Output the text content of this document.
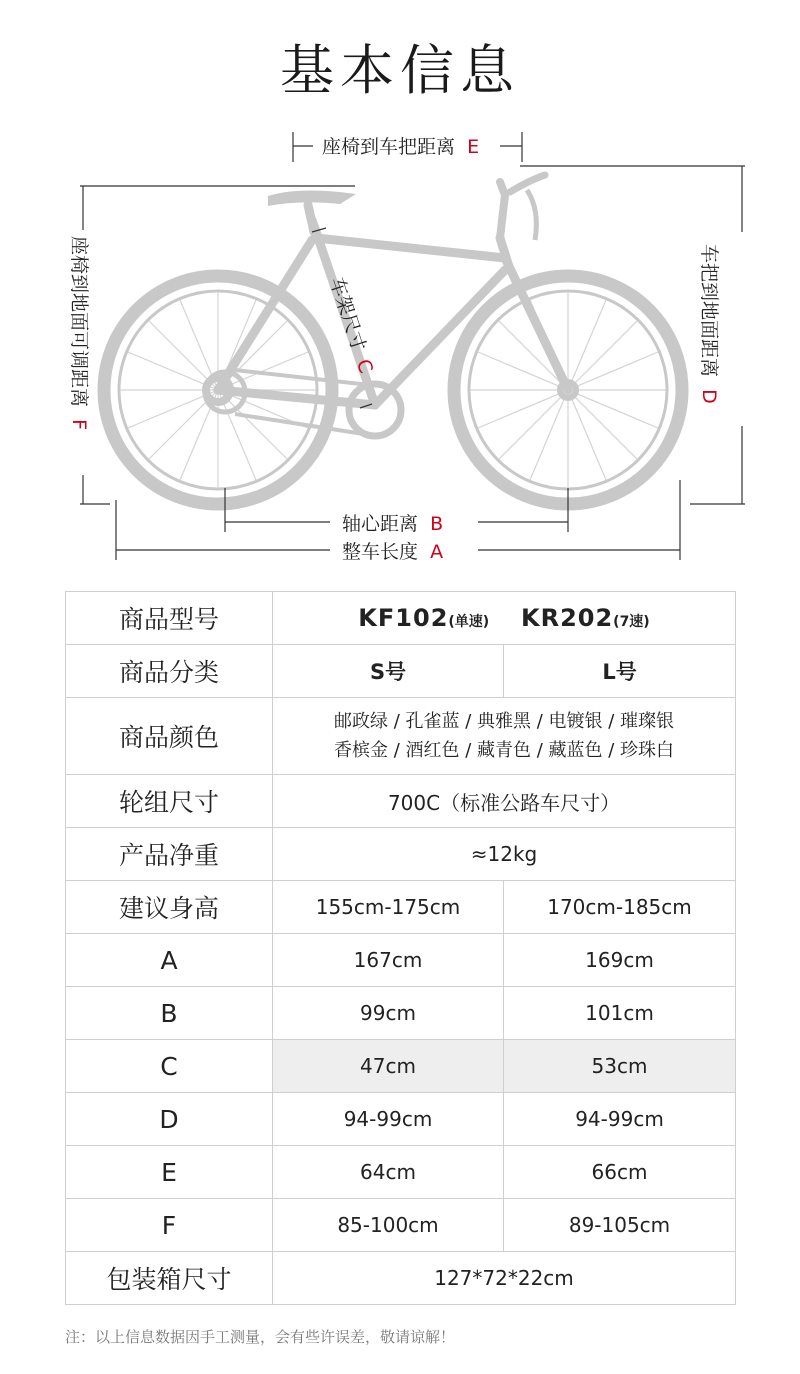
基本信息
座椅到车把距离 E
轴心距离 B
整车长度 A
车把到地面距离 D
座椅到地面可调距离 F
车架尺寸 C
商品型号	KF102(单速) KR202(7速)	
商品分类	S号	L号
商品颜色	邮政绿 / 孔雀蓝 / 典雅黑 / 电镀银 / 璀璨银
香槟金 / 酒红色 / 藏青色 / 藏蓝色 / 珍珠白	

轮组尺寸	700C（标准公路车尺寸）	
产品净重	≈12kg	
建议身高	155cm-175cm	170cm-185cm
A	167cm	169cm
B	99cm	101cm
C	47cm	53cm
D	94-99cm	94-99cm
E	64cm	66cm
F	85-100cm	89-105cm
包装箱尺寸	127*72*22cm	
注：以上信息数据因手工测量，会有些许误差，敬请谅解！
